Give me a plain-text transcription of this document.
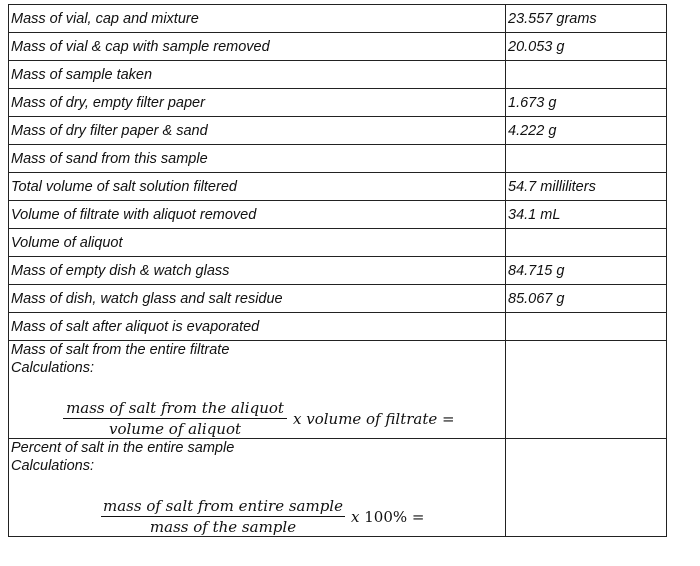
Mass of vial, cap and mixture	23.557 grams
Mass of vial & cap with sample removed	20.053 g
Mass of sample taken	
Mass of dry, empty filter paper	1.673 g
Mass of dry filter paper & sand	4.222 g
Mass of sand from this sample	
Total volume of salt solution filtered	54.7 milliliters
Volume of filtrate with aliquot removed	34.1 mL
Volume of aliquot	
Mass of empty dish & watch glass	84.715 g
Mass of dish, watch glass and salt residue	85.067 g
Mass of salt after aliquot is evaporated	

Mass of salt from the entire filtrate
Calculations:
$\frac{\text{mass of salt from the aliquot}}{\text{volume of aliquot}}$ x volume of filtrate =	

Percent of salt in the entire sample
Calculations:
$\frac{\text{mass of salt from entire sample}}{\text{mass of the sample}}$ x 100% =	
